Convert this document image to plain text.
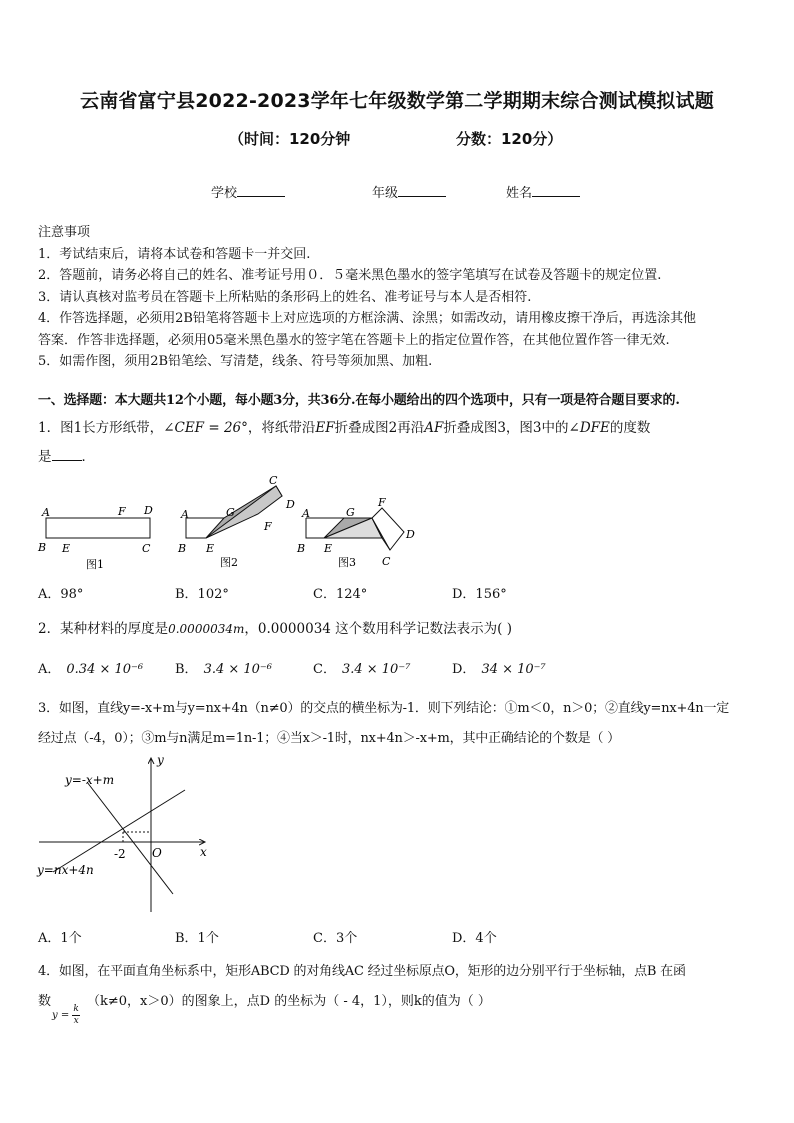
云南省富宁县2022-2023学年七年级数学第二学期期末综合测试模拟试题
（时间：120分钟	分数：120分）
学校	年级	姓名
注意事项
1．考试结束后，请将本试卷和答题卡一并交回.
2．答题前，请务必将自己的姓名、准考证号用０．５毫米黑色墨水的签字笔填写在试卷及答题卡的规定位置.
3．请认真核对监考员在答题卡上所粘贴的条形码上的姓名、准考证号与本人是否相符.
4．作答选择题，必须用2B铅笔将答题卡上对应选项的方框涂满、涂黑；如需改动，请用橡皮擦干净后，再选涂其他
答案．作答非选择题，必须用05毫米黑色墨水的签字笔在答题卡上的指定位置作答，在其他位置作答一律无效.
5．如需作图，须用2B铅笔绘、写清楚，线条、符号等须加黑、加粗.
一、选择题：本大题共12个小题，每小题3分，共36分.在每小题给出的四个选项中，只有一项是符合题目要求的.
1．图1长方形纸带，∠CEF = 26°，将纸带沿EF折叠成图2再沿AF折叠成图3，图3中的∠DFE的度数
是 ．
A	F D
B E	C
图1
A	G
C
D
F
B E
图2
A	G
F
D
C
B E
图3
A．98°	B．102°	C．124°	D．156°
2．某种材料的厚度是0.0000034m，0.0000034 这个数用科学记数法表示为( )
A． 0.34 × 10⁻⁶ B． 3.4 × 10⁻⁶	C． 3.4 × 10⁻⁷	D． 34 × 10⁻⁷
3．如图，直线y=-x+m与y=nx+4n（n≠0）的交点的横坐标为-1．则下列结论：①m＜0，n＞0；②直线y=nx+4n一定
经过点（-4，0）；③m与n满足m=1n-1；④当x＞-1时，nx+4n＞-x+m，其中正确结论的个数是（ ）
y=-x+m
y=nx+4n
y
x
O
-2
A．1个	B．1个	C．3个	D．4个
4．如图，在平面直角坐标系中，矩形ABCD 的对角线AC 经过坐标原点O，矩形的边分别平行于坐标轴，点B 在函
数	（k≠0，x＞0）的图象上，点D 的坐标为（ - 4，1），则k的值为（ ）
$y = \frac{k}{x}$
